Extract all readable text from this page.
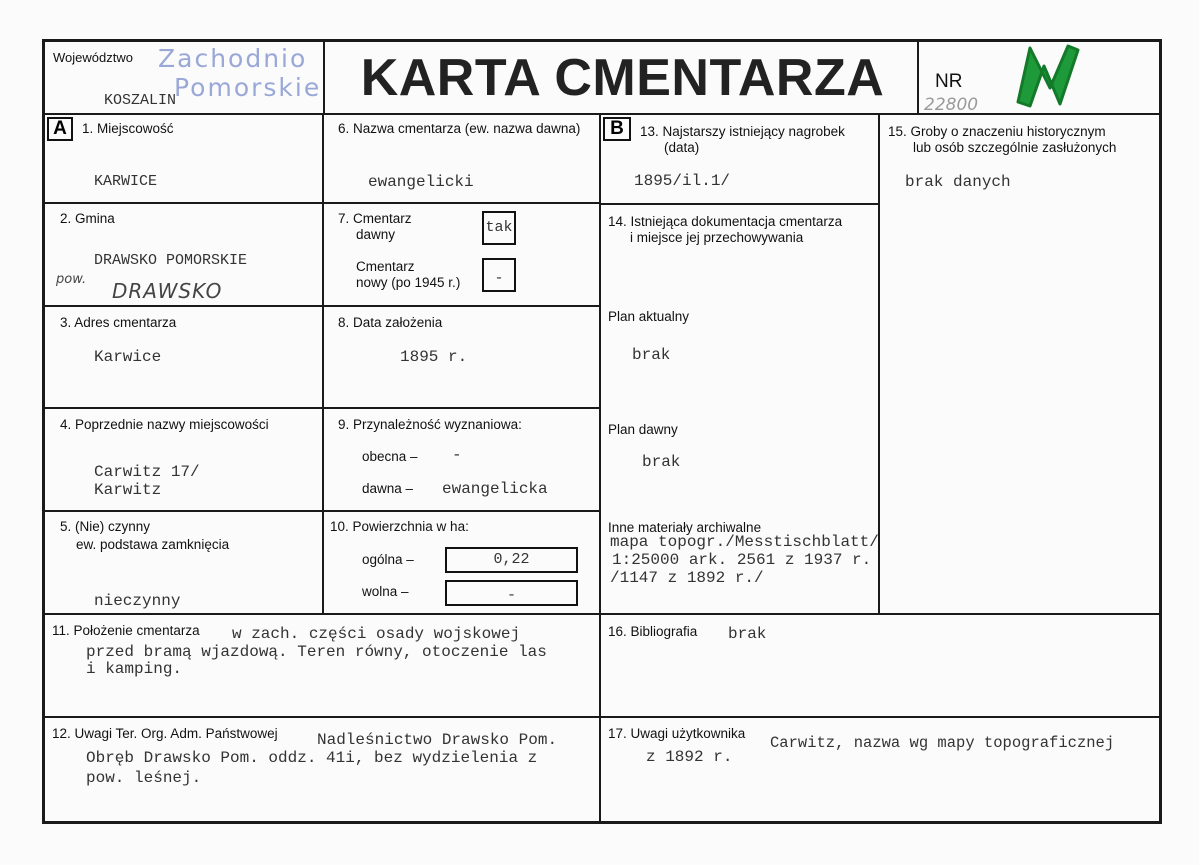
Województwo Zachodnio
Pomorskie
KOSZALIN	KARTA CMENTARZA	NR
22800
A	B
1. Miejscowość
KARWICE
2. Gmina
DRAWSKO POMORSKIE
pow. DRAWSKO
3. Adres cmentarza
Karwice
4. Poprzednie nazwy miejscowości
Carwitz 17/
Karwitz
5. (Nie) czynny
ew. podstawa zamknięcia
nieczynny
6. Nazwa cmentarza (ew. nazwa dawna)
ewangelicki
7. Cmentarz
dawny	tak
Cmentarz
nowy (po 1945 r.)	-
8. Data założenia
1895 r.
9. Przynależność wyznaniowa:
obecna – -
dawna – ewangelicka
10. Powierzchnia w ha:
ogólna –	0,22
wolna –	-
11. Położenie cmentarza w zach. części osady wojskowej
przed bramą wjazdową. Teren równy, otoczenie las
i kamping.
12. Uwagi Ter. Org. Adm. Państwowej Nadleśnictwo Drawsko Pom.
Obręb Drawsko Pom. oddz. 41i, bez wydzielenia z
pow. leśnej.
13. Najstarszy istniejący nagrobek
(data)
1895/il.1/
14. Istniejąca dokumentacja cmentarza
i miejsce jej przechowywania
Plan aktualny
brak
Plan dawny
brak
Inne materiały archiwalne
mapa topogr./Messtischblatt/
1:25000 ark. 2561 z 1937 r.
/1147 z 1892 r./
15. Groby o znaczeniu historycznym
lub osób szczególnie zasłużonych
brak danych
16. Bibliografia brak
17. Uwagi użytkownika
Carwitz, nazwa wg mapy topograficznej
z 1892 r.
